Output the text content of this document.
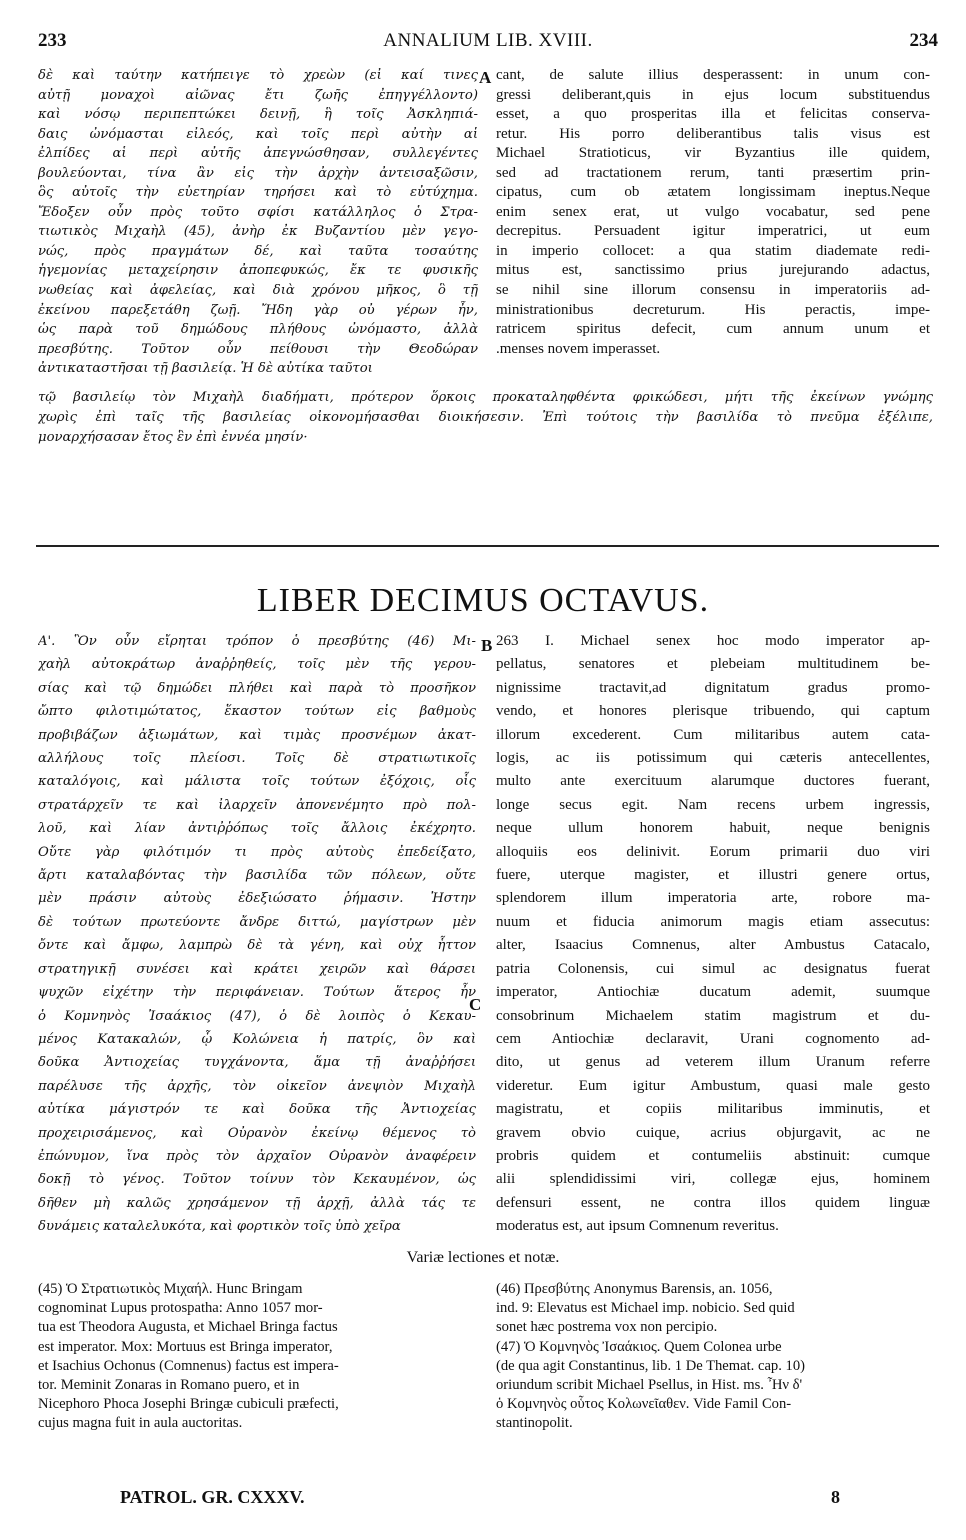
233	ANNALIUM LIB. XVIII.	234
δὲ καὶ ταύτην κατήπειγε τὸ χρεὼν (εἰ καί τινες
αὐτῇ μοναχοὶ αἰῶνας ἔτι ζωῆς ἐπηγγέλλοντο)
καὶ νόσῳ περιπεπτώκει δεινῇ, ἣ τοῖς Ἀσκληπιά-
δαις ὠνόμασται εἰλεός, καὶ τοῖς περὶ αὐτὴν αἱ
ἐλπίδες αἱ περὶ αὐτῆς ἀπεγνώσθησαν, συλλεγέντες
βουλεύονται, τίνα ἂν εἰς τὴν ἀρχὴν ἀντεισαξῶσιν,
ὃς αὐτοῖς τὴν εὐετηρίαν τηρήσει καὶ τὸ εὐτύχημα.
Ἔδοξεν οὖν πρὸς τοῦτο σφίσι κατάλληλος ὁ Στρα-
τιωτικὸς Μιχαὴλ (45), ἀνὴρ ἐκ Βυζαντίου μὲν γεγο-
νώς, πρὸς πραγμάτων δέ, καὶ ταῦτα τοσαύτης
ἡγεμονίας μεταχείρησιν ἀποπεφυκώς, ἔκ τε φυσικῆς
νωθείας καὶ ἀφελείας, καὶ διὰ χρόνου μῆκος, ὃ τῇ
ἐκείνου παρεξετάθη ζωῇ. Ἤδη γὰρ οὐ γέρων ἦν,
ὡς παρὰ τοῦ δημώδους πλήθους ὠνόμαστο, ἀλλὰ
πρεσβύτης. Τοῦτον οὖν πείθουσι τὴν Θεοδώραν
ἀντικαταστῆσαι τῇ βασιλείᾳ. Ἡ δὲ αὐτίκα ταῦτοι
A cant, de salute illius desperassent: in unum con-
gressi deliberant,quis in ejus locum substituendus
esset, a quo prosperitas illa et felicitas conserva-
retur. His porro deliberantibus talis visus est
Michael Stratioticus, vir Byzantius ille quidem,
sed ad tractationem rerum, tanti præsertim prin-
cipatus, cum ob ætatem longissimam ineptus.Neque
enim senex erat, ut vulgo vocabatur, sed pene
decrepitus. Persuadent igitur imperatrici, ut eum
in imperio collocet: a qua statim diademate redi-
mitus est, sanctissimo prius jurejurando adactus,
se nihil sine illorum consensu in imperatoriis ad-
ministrationibus decreturum. His peractis, impe-
ratricem spiritus defecit, cum annum unum et
.menses novem imperasset.
τῷ βασιλείῳ τὸν Μιχαὴλ διαδήματι, πρότερον ὅρκοις προκαταληφθέντα φρικώδεσι, μήτι τῆς ἐκείνων γνώμης
χωρὶς ἐπὶ ταῖς τῆς βασιλείας οἰκονομήσασθαι διοικήσεσιν. Ἐπὶ τούτοις τὴν βασιλίδα τὸ πνεῦμα ἐξέλιπε,
μοναρχήσασαν ἔτος ἓν ἐπὶ ἐννέα μησίν·
LIBER DECIMUS OCTAVUS.
Α'. Ὃν οὖν εἴρηται τρόπον ὁ πρεσβύτης (46) Μι-
χαὴλ αὐτοκράτωρ ἀναῤῥηθείς, τοῖς μὲν τῆς γερου-
σίας καὶ τῷ δημώδει πλήθει καὶ παρὰ τὸ προσῆκον
ὤπτο φιλοτιμώτατος, ἕκαστον τούτων εἰς βαθμοὺς
προβιβάζων ἀξιωμάτων, καὶ τιμὰς προσνέμων ἀκατ-
αλλήλους τοῖς πλείοσι. Τοῖς δὲ στρατιωτικοῖς
καταλόγοις, καὶ μάλιστα τοῖς τούτων ἐξόχοις, οἷς
στρατάρχεῖν τε καὶ ἰλαρχεῖν ἀπονενέμητο πρὸ πολ-
λοῦ, καὶ λίαν ἀντιῤῥόπως τοῖς ἄλλοις ἐκέχρητο.
Οὔτε γὰρ φιλότιμόν τι πρὸς αὐτοὺς ἐπεδείξατο,
ἄρτι καταλαβόντας τὴν βασιλίδα τῶν πόλεων, οὔτε
μὲν πράσιν αὐτοὺς ἐδεξιώσατο ῥήμασιν. Ἠστην
δὲ τούτων πρωτεύοντε ἄνδρε διττώ, μαγίστρων μὲν
ὄντε καὶ ἄμφω, λαμπρὼ δὲ τὰ γένη, καὶ οὐχ ἧττον
στρατηγικῇ συνέσει καὶ κράτει χειρῶν καὶ θάρσει
ψυχῶν εἰχέτην τὴν περιφάνειαν. Τούτων ἅτερος ἦν
ὁ Κομνηνὸς Ἰσαάκιος (47), ὁ δὲ λοιπὸς ὁ Κεκαυ-
μένος Κατακαλών, ᾧ Κολώνεια ἡ πατρίς, ὃν καὶ
δοῦκα Ἀντιοχείας τυγχάνοντα, ἅμα τῇ ἀναῤῥήσει
παρέλυσε τῆς ἀρχῆς, τὸν οἰκεῖον ἀνεψιὸν Μιχαὴλ
αὐτίκα μάγιστρόν τε καὶ δοῦκα τῆς Ἀντιοχείας
προχειρισάμενος, καὶ Οὐρανὸν ἐκείνῳ θέμενος τὸ
ἐπώνυμον, ἵνα πρὸς τὸν ἀρχαῖον Οὐρανὸν ἀναφέρειν
δοκῇ τὸ γένος. Τοῦτον τοίνυν τὸν Κεκαυμένον, ὡς
δῆθεν μὴ καλῶς χρησάμενον τῇ ἀρχῇ, ἀλλὰ τάς τε
δυνάμεις καταλελυκότα, καὶ φορτικὸν τοῖς ὑπὸ χεῖρα
B
C
263 I. Michael senex hoc modo imperator ap-
pellatus, senatores et plebeiam multitudinem be-
nignissime tractavit,ad dignitatum gradus promo-
vendo, et honores plerisque tribuendo, qui captum
illorum excederent. Cum militaribus autem cata-
logis, ac iis potissimum qui cæteris antecellentes,
multo ante exercituum alarumque ductores fuerant,
longe secus egit. Nam recens urbem ingressis,
neque ullum honorem habuit, neque benignis
alloquiis eos delinivit. Eorum primarii duo viri
fuere, uterque magister, et illustri genere ortus,
splendorem illum imperatoria arte, robore ma-
nuum et fiducia animorum magis etiam assecutus:
alter, Isaacius Comnenus, alter Ambustus Catacalo,
patria Colonensis, cui simul ac designatus fuerat
imperator, Antiochiæ ducatum ademit, suumque
consobrinum Michaelem statim magistrum et du-
cem Antiochiæ declaravit, Urani cognomento ad-
dito, ut genus ad veterem illum Uranum referre
videretur. Eum igitur Ambustum, quasi male gesto
magistratu, et copiis militaribus imminutis, et
gravem obvio cuique, acrius objurgavit, ac ne
probris quidem et contumeliis abstinuit: cumque
alii splendidissimi viri, collegæ ejus, hominem
defensuri essent, ne contra illos quidem linguæ
moderatus est, aut ipsum Comnenum reveritus.
Variæ lectiones et notæ.
(45) Ὁ Στρατιωτικὸς Μιχαήλ. Hunc Bringam
cognominat Lupus protospatha: Anno 1057 mor-
tua est Theodora Augusta, et Michael Bringa factus
est imperator. Mox: Mortuus est Bringa imperator,
et Isachius Ochonus (Comnenus) factus est impera-
tor. Meminit Zonaras in Romano puero, et in
Nicephoro Phoca Josephi Bringæ cubiculi præfecti,
cujus magna fuit in aula auctoritas.
(46) Πρεσβύτης Anonymus Barensis, an. 1056,
ind. 9: Elevatus est Michael imp. nobicio. Sed quid
sonet hæc postrema vox non percipio.
(47) Ὁ Κομνηνὸς Ἰσαάκιος. Quem Colonea urbe
(de qua agit Constantinus, lib. 1 De Themat. cap. 10)
oriundum scribit Michael Psellus, in Hist. ms. Ἦν δ'
ὁ Κομνηνὸς οὗτος Κολωνεῖαθεν. Vide Famil Con-
stantinopolit.
PATROL. GR. CXXXV.	8
